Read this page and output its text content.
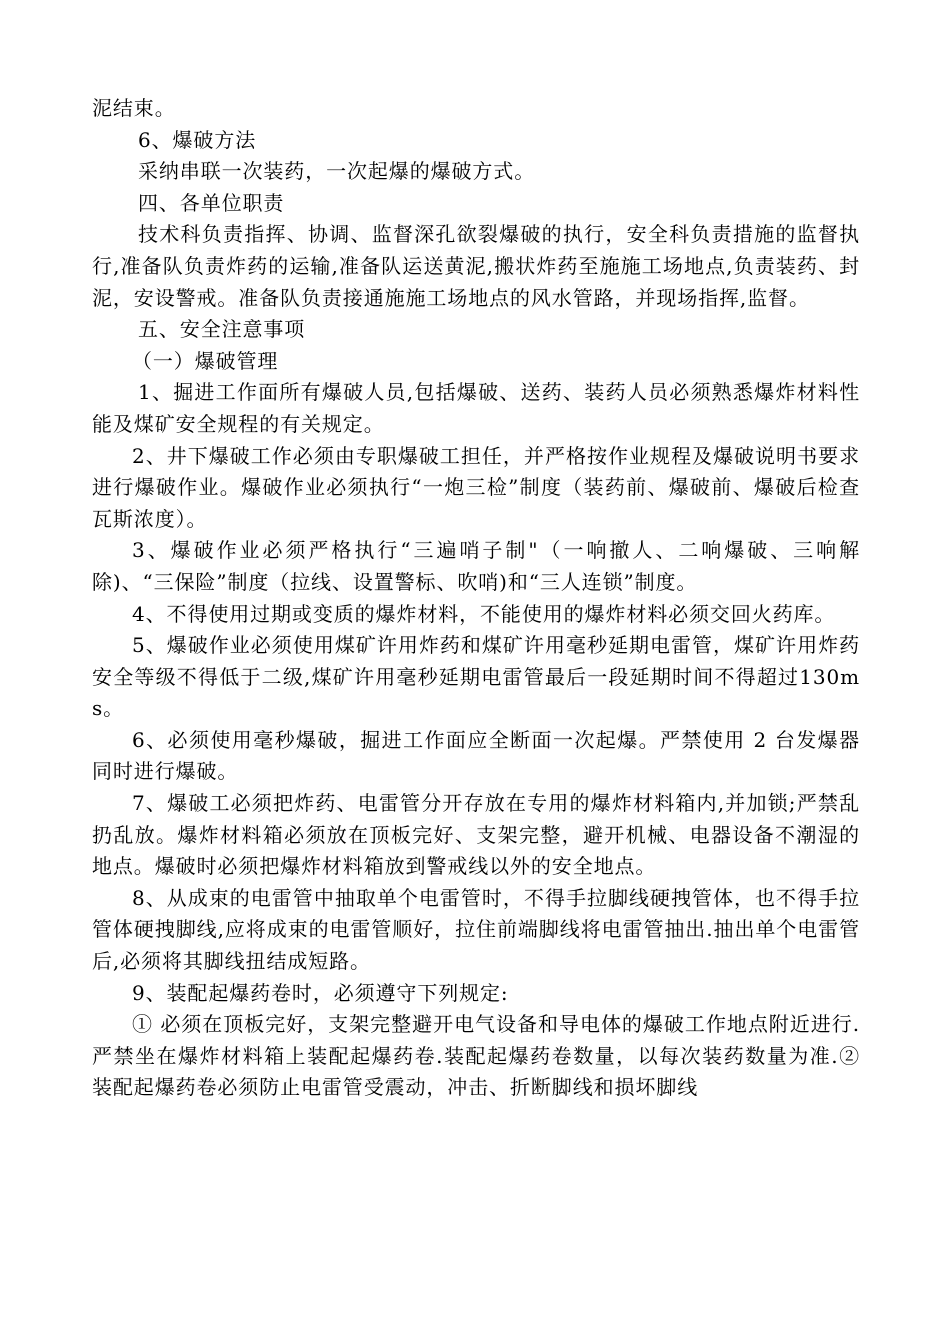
泥结束。

6、爆破方法

采纳串联一次装药，一次起爆的爆破方式。

四、各单位职责

技术科负责指挥、协调、监督深孔欲裂爆破的执行，安全科负责措施的监督执行,准备队负责炸药的运输,准备队运送黄泥,搬状炸药至施施工场地点,负责装药、封泥，安设警戒。准备队负责接通施施工场地点的风水管路，并现场指挥,监督。

五、安全注意事项

（一）爆破管理

1、掘进工作面所有爆破人员,包括爆破、送药、装药人员必须熟悉爆炸材料性能及煤矿安全规程的有关规定。

2、井下爆破工作必须由专职爆破工担任，并严格按作业规程及爆破说明书要求进行爆破作业。爆破作业必须执行“一炮三检”制度（装药前、爆破前、爆破后检查瓦斯浓度）。

3、爆破作业必须严格执行“三遍哨子制"（一响撤人、二响爆破、三响解除)、“三保险”制度（拉线、设置警标、吹哨)和“三人连锁”制度。

4、不得使用过期或变质的爆炸材料，不能使用的爆炸材料必须交回火药库。

5、爆破作业必须使用煤矿许用炸药和煤矿许用毫秒延期电雷管，煤矿许用炸药安全等级不得低于二级,煤矿许用毫秒延期电雷管最后一段延期时间不得超过130ms。

6、必须使用毫秒爆破，掘进工作面应全断面一次起爆。严禁使用 2 台发爆器同时进行爆破。

7、爆破工必须把炸药、电雷管分开存放在专用的爆炸材料箱内,并加锁;严禁乱扔乱放。爆炸材料箱必须放在顶板完好、支架完整，避开机械、电器设备不潮湿的地点。爆破时必须把爆炸材料箱放到警戒线以外的安全地点。

8、从成束的电雷管中抽取单个电雷管时，不得手拉脚线硬拽管体，也不得手拉管体硬拽脚线,应将成束的电雷管顺好，拉住前端脚线将电雷管抽出.抽出单个电雷管后,必须将其脚线扭结成短路。

9、装配起爆药卷时，必须遵守下列规定:

① 必须在顶板完好，支架完整避开电气设备和导电体的爆破工作地点附近进行.严禁坐在爆炸材料箱上装配起爆药卷.装配起爆药卷数量，以每次装药数量为准.② 装配起爆药卷必须防止电雷管受震动，冲击、折断脚线和损坏脚线
